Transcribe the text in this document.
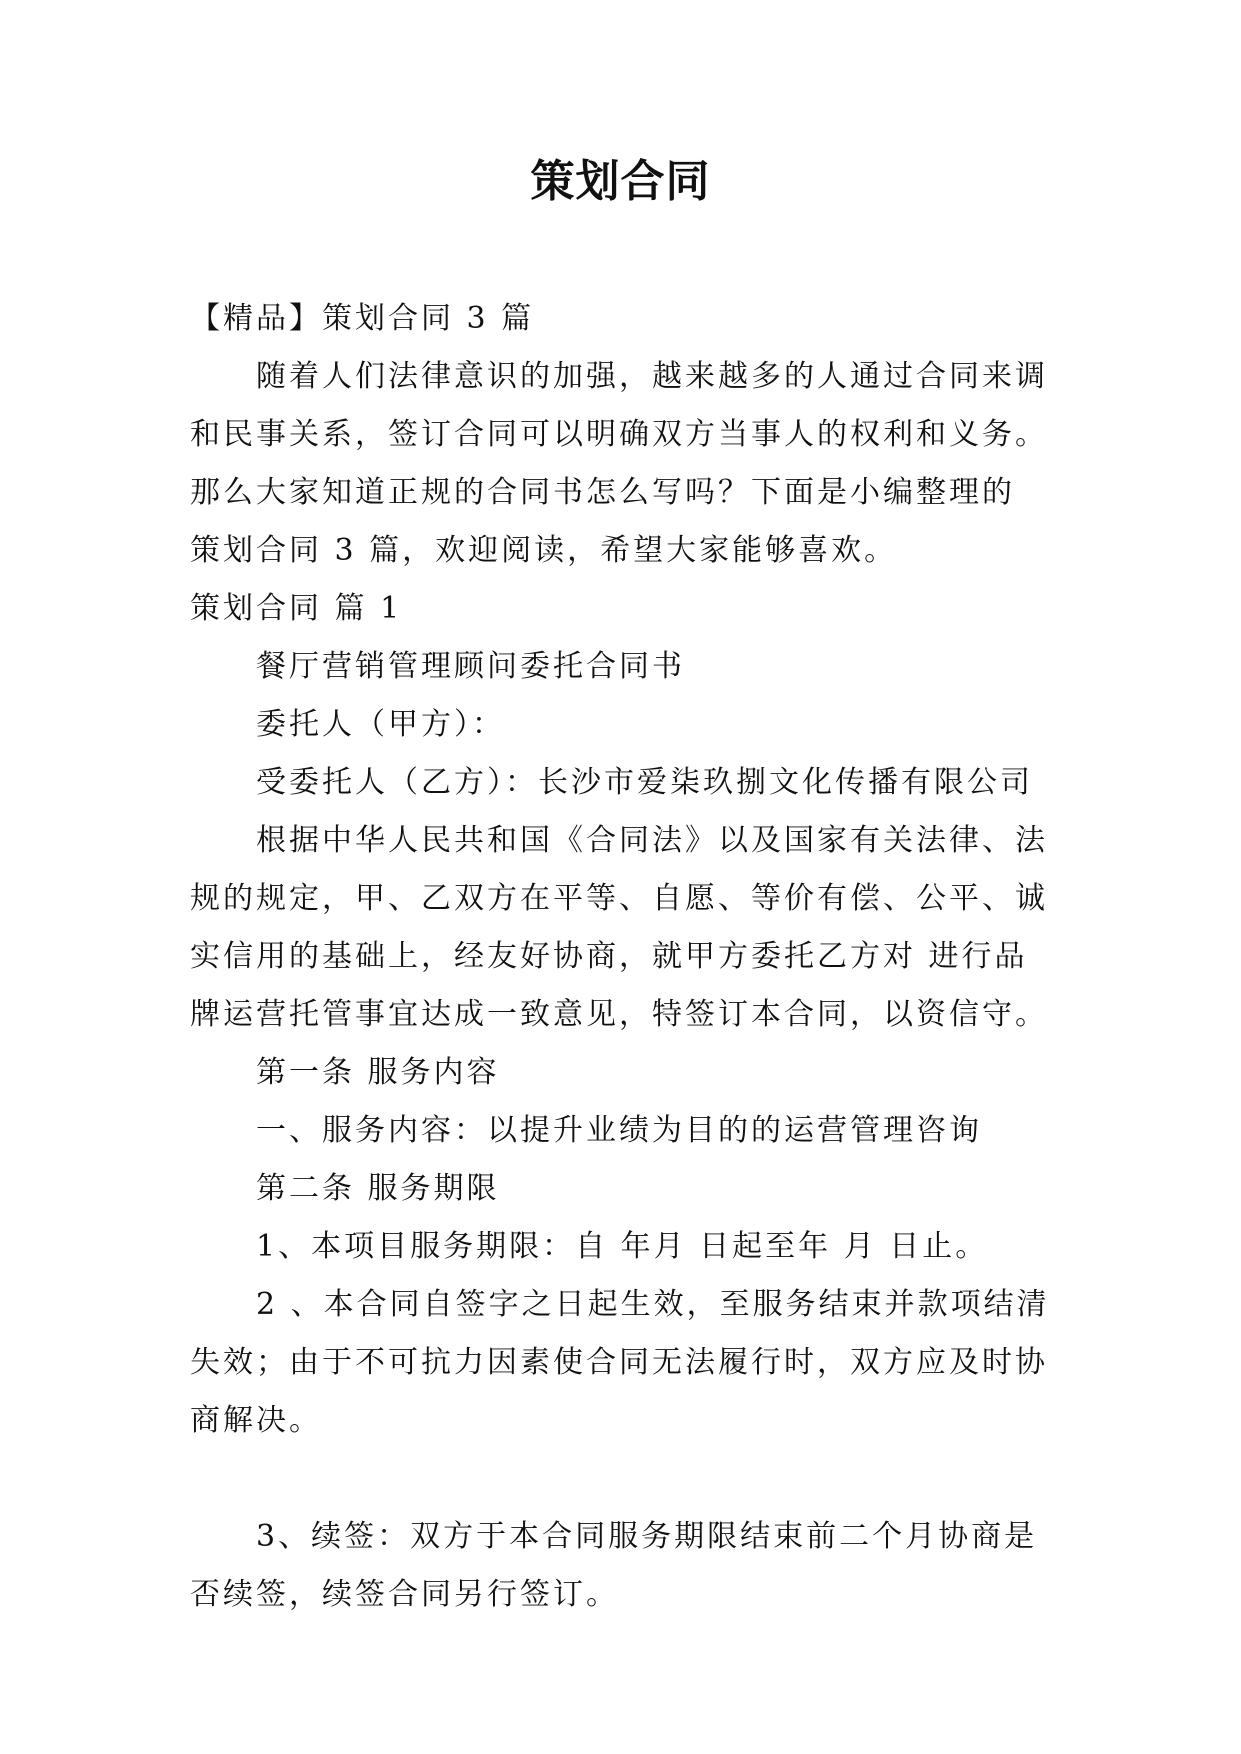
策划合同

【精品】策划合同 3 篇

随着人们法律意识的加强，越来越多的人通过合同来调

和民事关系，签订合同可以明确双方当事人的权利和义务。

那么大家知道正规的合同书怎么写吗？下面是小编整理的

策划合同 3 篇，欢迎阅读，希望大家能够喜欢。

策划合同 篇 1

餐厅营销管理顾问委托合同书

委托人（甲方）：

受委托人（乙方）：长沙市爱柒玖捌文化传播有限公司

根据中华人民共和国《合同法》以及国家有关法律、法

规的规定，甲、乙双方在平等、自愿、等价有偿、公平、诚

实信用的基础上，经友好协商，就甲方委托乙方对 进行品

牌运营托管事宜达成一致意见，特签订本合同，以资信守。

第一条 服务内容

一、服务内容：以提升业绩为目的的运营管理咨询

第二条 服务期限

1、本项目服务期限：自 年月 日起至年 月 日止。

2 、本合同自签字之日起生效，至服务结束并款项结清

失效；由于不可抗力因素使合同无法履行时，双方应及时协

商解决。

3、续签：双方于本合同服务期限结束前二个月协商是

否续签，续签合同另行签订。
